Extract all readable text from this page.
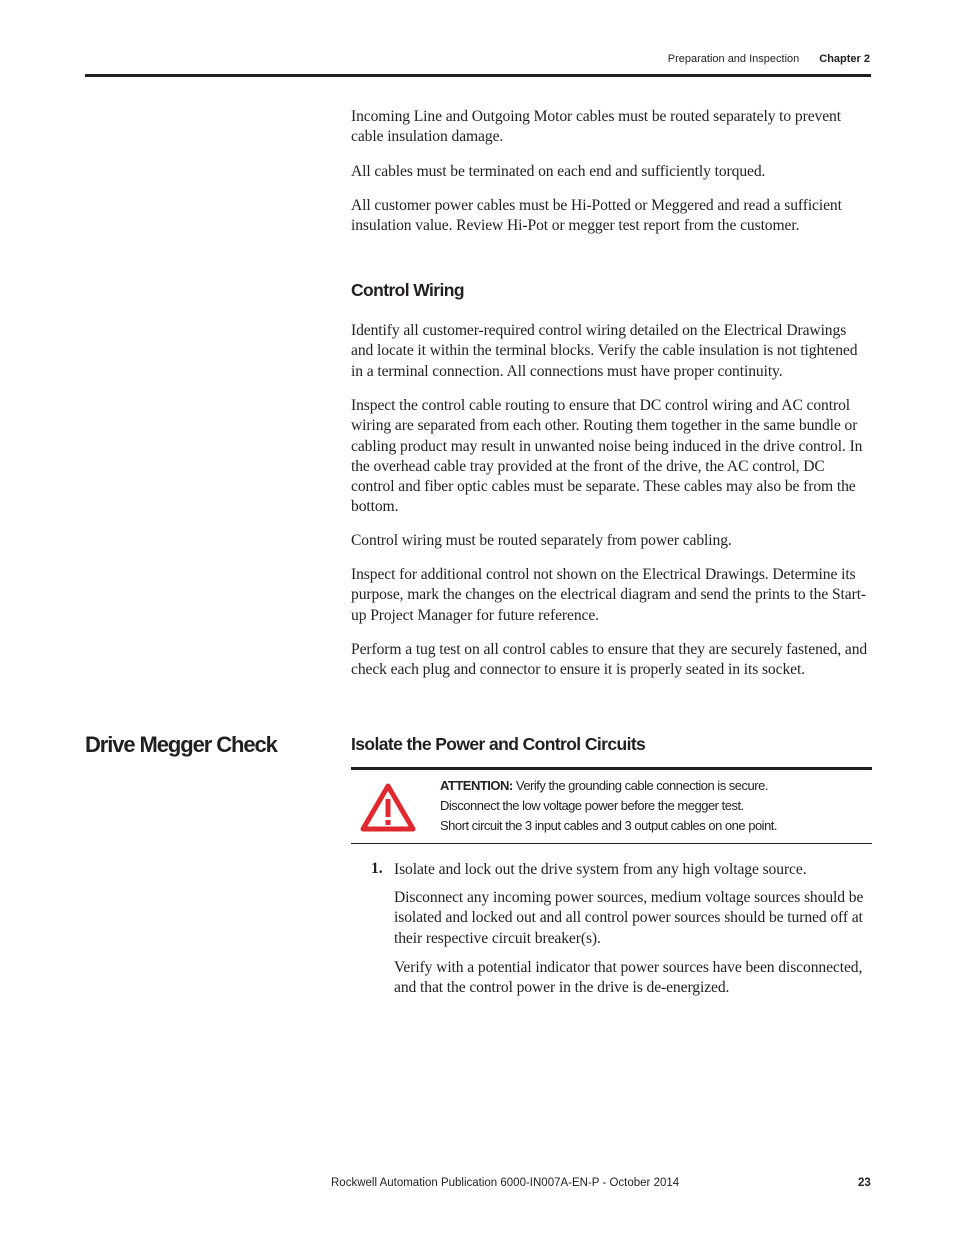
Preparation and Inspection Chapter 2

Incoming Line and Outgoing Motor cables must be routed separately to prevent cable insulation damage.

All cables must be terminated on each end and sufficiently torqued.

All customer power cables must be Hi-Potted or Meggered and read a sufficient insulation value. Review Hi-Pot or megger test report from the customer.

Control Wiring

Identify all customer-required control wiring detailed on the Electrical Drawings and locate it within the terminal blocks. Verify the cable insulation is not tightened in a terminal connection. All connections must have proper continuity.

Inspect the control cable routing to ensure that DC control wiring and AC control wiring are separated from each other. Routing them together in the same bundle or cabling product may result in unwanted noise being induced in the drive control. In the overhead cable tray provided at the front of the drive, the AC control, DC control and fiber optic cables must be separate. These cables may also be from the bottom.

Control wiring must be routed separately from power cabling.

Inspect for additional control not shown on the Electrical Drawings. Determine its purpose, mark the changes on the electrical diagram and send the prints to the Start-up Project Manager for future reference.

Perform a tug test on all control cables to ensure that they are securely fastened, and check each plug and connector to ensure it is properly seated in its socket.

Drive Megger Check	Isolate the Power and Control Circuits
ATTENTION: Verify the grounding cable connection is secure.
Disconnect the low voltage power before the megger test.
Short circuit the 3 input cables and 3 output cables on one point.
1. Isolate and lock out the drive system from any high voltage source.

Disconnect any incoming power sources, medium voltage sources should be isolated and locked out and all control power sources should be turned off at their respective circuit breaker(s).

Verify with a potential indicator that power sources have been disconnected, and that the control power in the drive is de-energized.

Rockwell Automation Publication 6000-IN007A-EN-P - October 2014	23
